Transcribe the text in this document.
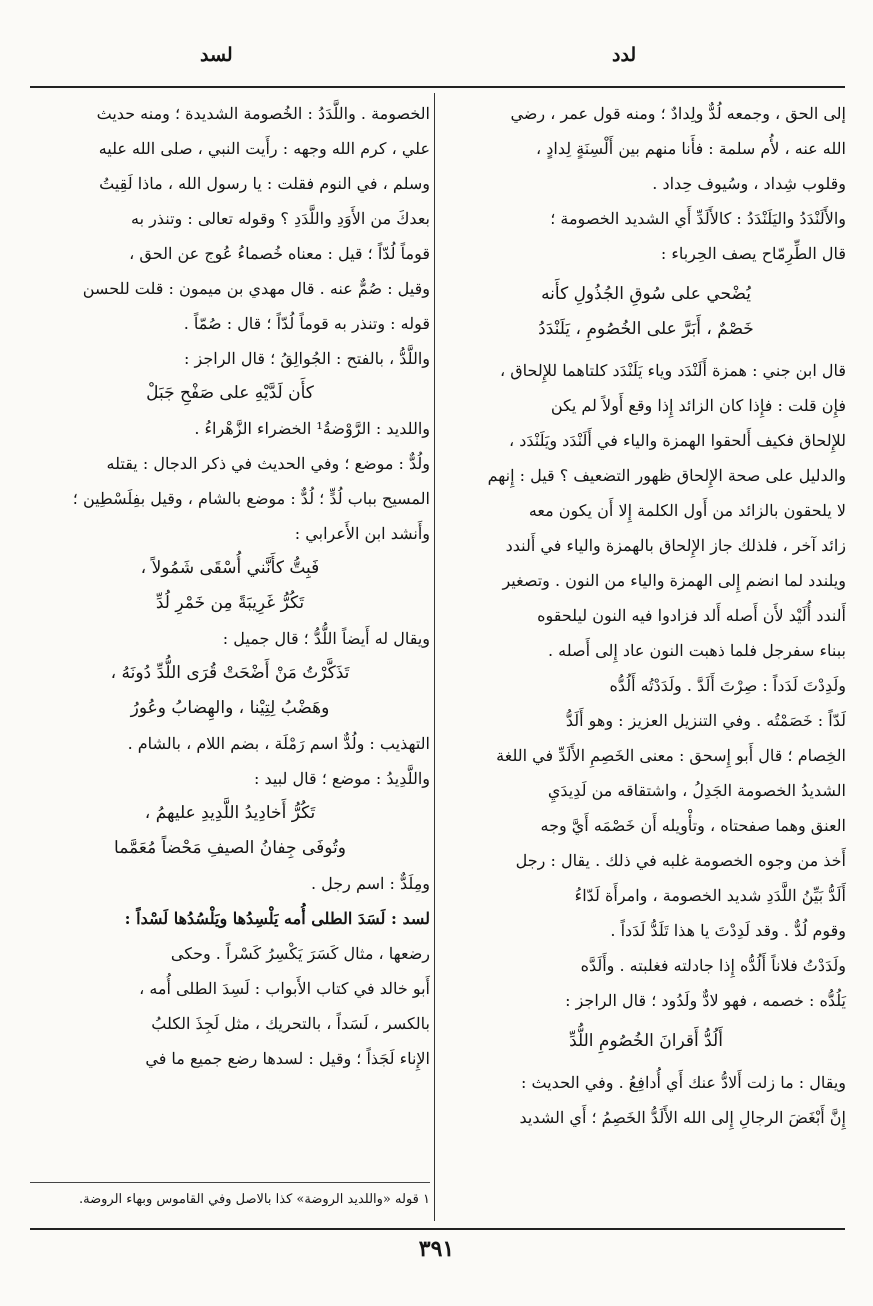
لدد
لسد

إلى الحق ، وجمعه لُدٌّ ولِدادٌ ؛ ومنه قول عمر ، رضي

الله عنه ، لأُم سلمة : فأَنا منهم بين أَلْسِنَةٍ لِدادٍ ،

وقلوب شِداد ، وسُيوف حِداد .

والأَلَنْدَدُ واليَلَنْدَدُ : كالأَلَدِّ أَي الشديد الخصومة ؛

قال الطِّرِمّاح يصف الحِرباء :

يُضْحي على سُوقِ الجُذُولِ كأَنه

خَصْمٌ ، أَبَرَّ على الخُصُومِ ، يَلَنْدَدُ

قال ابن جني : همزة أَلَنْدَد وياء يَلَنْدَد كلتاهما للإِلحاق ،

فإِن قلت : فإِذا كان الزائد إِذا وقع أَولاً لم يكن

للإِلحاق فكيف أَلحقوا الهمزة والياء في أَلَنْدَد ويَلَنْدَد ،

والدليل على صحة الإِلحاق ظهور التضعيف ؟ قيل : إِنهم

لا يلحقون بالزائد من أَول الكلمة إِلا أَن يكون معه

زائد آخر ، فلذلك جاز الإِلحاق بالهمزة والياء في أَلندد

ويلندد لما انضم إِلى الهمزة والياء من النون . وتصغير

أَلندد أُلَيْد لأَن أَصله أَلد فزادوا فيه النون ليلحقوه

ببناء سفرجل فلما ذهبت النون عاد إِلى أَصله .

ولَدِدْتَ لَدَداً : صِرْتَ أَلَدَّ . ولَدَدْتُه أَلُدُّه

لَدّاً : خَصَمْتُه . وفي التنزيل العزيز : وهو أَلَدُّ

الخِصام ؛ قال أَبو إِسحق : معنى الخَصِمِ الأَلَدِّ في اللغة

الشديدُ الخصومة الجَدِلُ ، واشتقاقه من لَدِيدَيِ

العنق وهما صفحتاه ، وتأْويله أَن خَصْمَه أَيَّ وجه

أَخذ من وجوه الخصومة غلبه في ذلك . يقال : رجل

أَلَدُّ بَيِّنُ اللَّدَدِ شديد الخصومة ، وامرأَة لَدّاءُ

وقوم لُدٌّ . وقد لَدِدْتَ يا هذا تَلَدُّ لَدَداً .

ولَدَدْتُ فلاناً أَلُدُّه إِذا جادلته فغلبته . وأَلَدَّه

يَلُدُّه : خصمه ، فهو لادٌّ ولَدُود ؛ قال الراجز :

أَلُدُّ أَقرانَ الخُصُومِ اللُّدِّ

ويقال : ما زلت أَلادُّ عنك أَي أُدافِعُ . وفي الحديث :

إِنَّ أَبْغَضَ الرجالِ إِلى الله الأَلَدُّ الخَصِمُ ؛ أَي الشديد

الخصومة . واللَّدَدُ : الخُصومة الشديدة ؛ ومنه حديث

علي ، كرم الله وجهه : رأَيت النبي ، صلى الله عليه

وسلم ، في النوم فقلت : يا رسول الله ، ماذا لَقِيتُ

بعدكَ من الأَوَدِ واللَّدَدِ ؟ وقوله تعالى : وتنذر به

قوماً لُدّاً ؛ قيل : معناه خُصماءُ عُوج عن الحق ،

وقيل : صُمٌّ عنه . قال مهدي بن ميمون : قلت للحسن

قوله : وتنذر به قوماً لُدّاً ؛ قال : صُمّاً .

واللَّدُّ ، بالفتح : الجُوالِقُ ؛ قال الراجز :

كأَن لَدَّيْهِ على صَفْحِ جَبَلْ

واللديد : الرَّوْضةُ¹ الخضراء الزَّهْراءُ .

ولُدٌّ : موضع ؛ وفي الحديث في ذكر الدجال : يقتله

المسيح بباب لُدٍّ ؛ لُدٌّ : موضع بالشام ، وقيل بفِلَسْطِين ؛

وأَنشد ابن الأَعرابي :

فَبِتُّ كأَنَّني أُسْقَى شَمُولاً ،

تَكُرُّ غَرِيبَةً مِن خَمْرِ لُدِّ

ويقال له أَيضاً اللُّدُّ ؛ قال جميل :

تَذَكَّرْتُ مَنْ أَضْحَتْ قُرَى اللُّدِّ دُونَهُ ،

وهَضْبُ لِتِيْنا ، والهِضابُ وعُورُ

التهذيب : ولُدٌّ اسم رَمْلَة ، بضم اللام ، بالشام .

واللَّدِيدُ : موضع ؛ قال لبيد :

تَكُرُّ أَخادِيدُ اللَّدِيدِ عليهمُ ،

وتُوفَى جِفانُ الصيفِ مَحْضاً مُعَمَّما

ومِلَدٌّ : اسم رجل .

لسد : لَسَدَ الطلى أُمه يَلْسِدُها ويَلْسُدُها لَسْداً :

رضعها ، مثال كَسَرَ يَكْسِرُ كَسْراً . وحكى

أَبو خالد في كتاب الأَبواب : لَسِدَ الطلى أُمه ،

بالكسر ، لَسَداً ، بالتحريك ، مثل لَجِذَ الكلبُ

الإِناء لَجَذاً ؛ وقيل : لسدها رضع جميع ما في

١ قوله «واللديد الروضة» كذا بالاصل وفي القاموس وبهاء الروضة.
٣٩١
